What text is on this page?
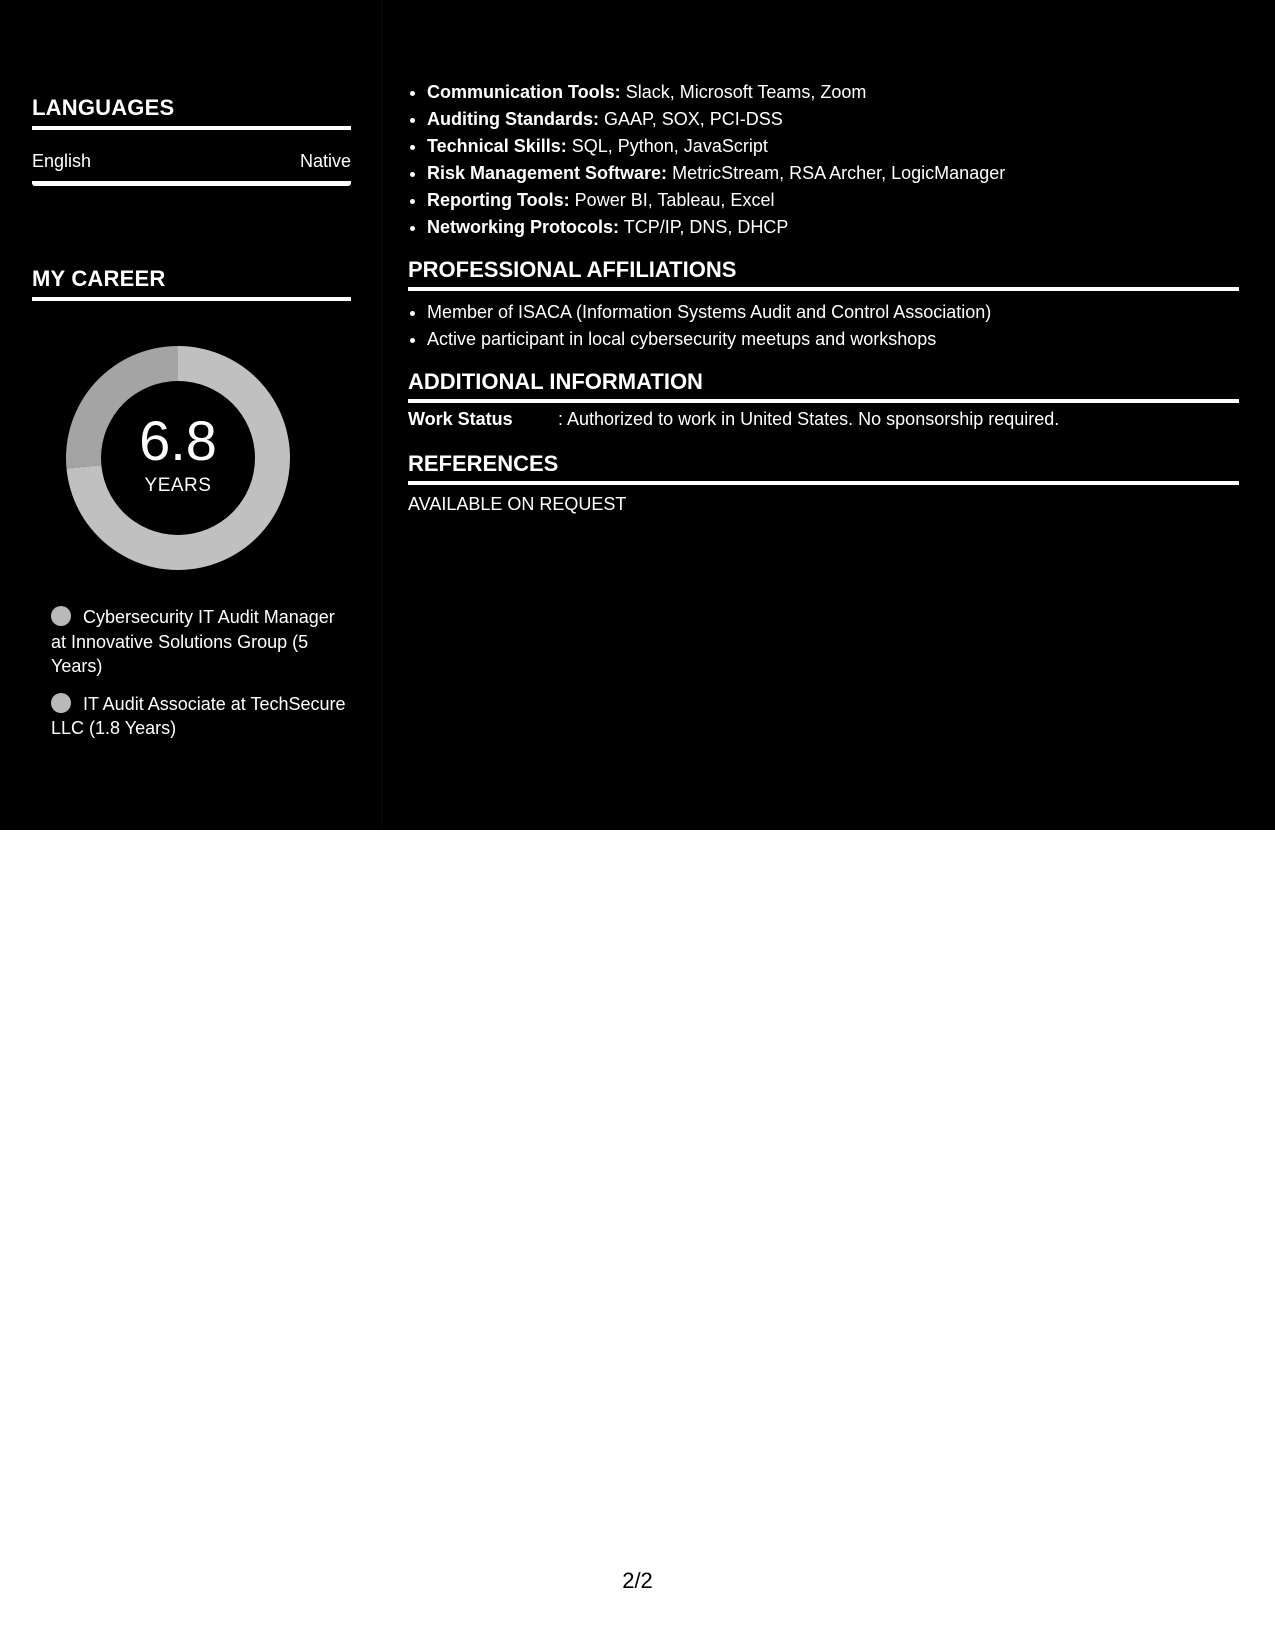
LANGUAGES
English	Native
MY CAREER
6.8
YEARS
Cybersecurity IT Audit Manager at Innovative Solutions Group (5 Years)
IT Audit Associate at TechSecure LLC (1.8 Years)
• Communication Tools: Slack, Microsoft Teams, Zoom
• Auditing Standards: GAAP, SOX, PCI-DSS
• Technical Skills: SQL, Python, JavaScript
• Risk Management Software: MetricStream, RSA Archer, LogicManager
• Reporting Tools: Power BI, Tableau, Excel
• Networking Protocols: TCP/IP, DNS, DHCP
PROFESSIONAL AFFILIATIONS
• Member of ISACA (Information Systems Audit and Control Association)
• Active participant in local cybersecurity meetups and workshops
ADDITIONAL INFORMATION
Work Status	: Authorized to work in United States. No sponsorship required.
REFERENCES
AVAILABLE ON REQUEST
2/2
